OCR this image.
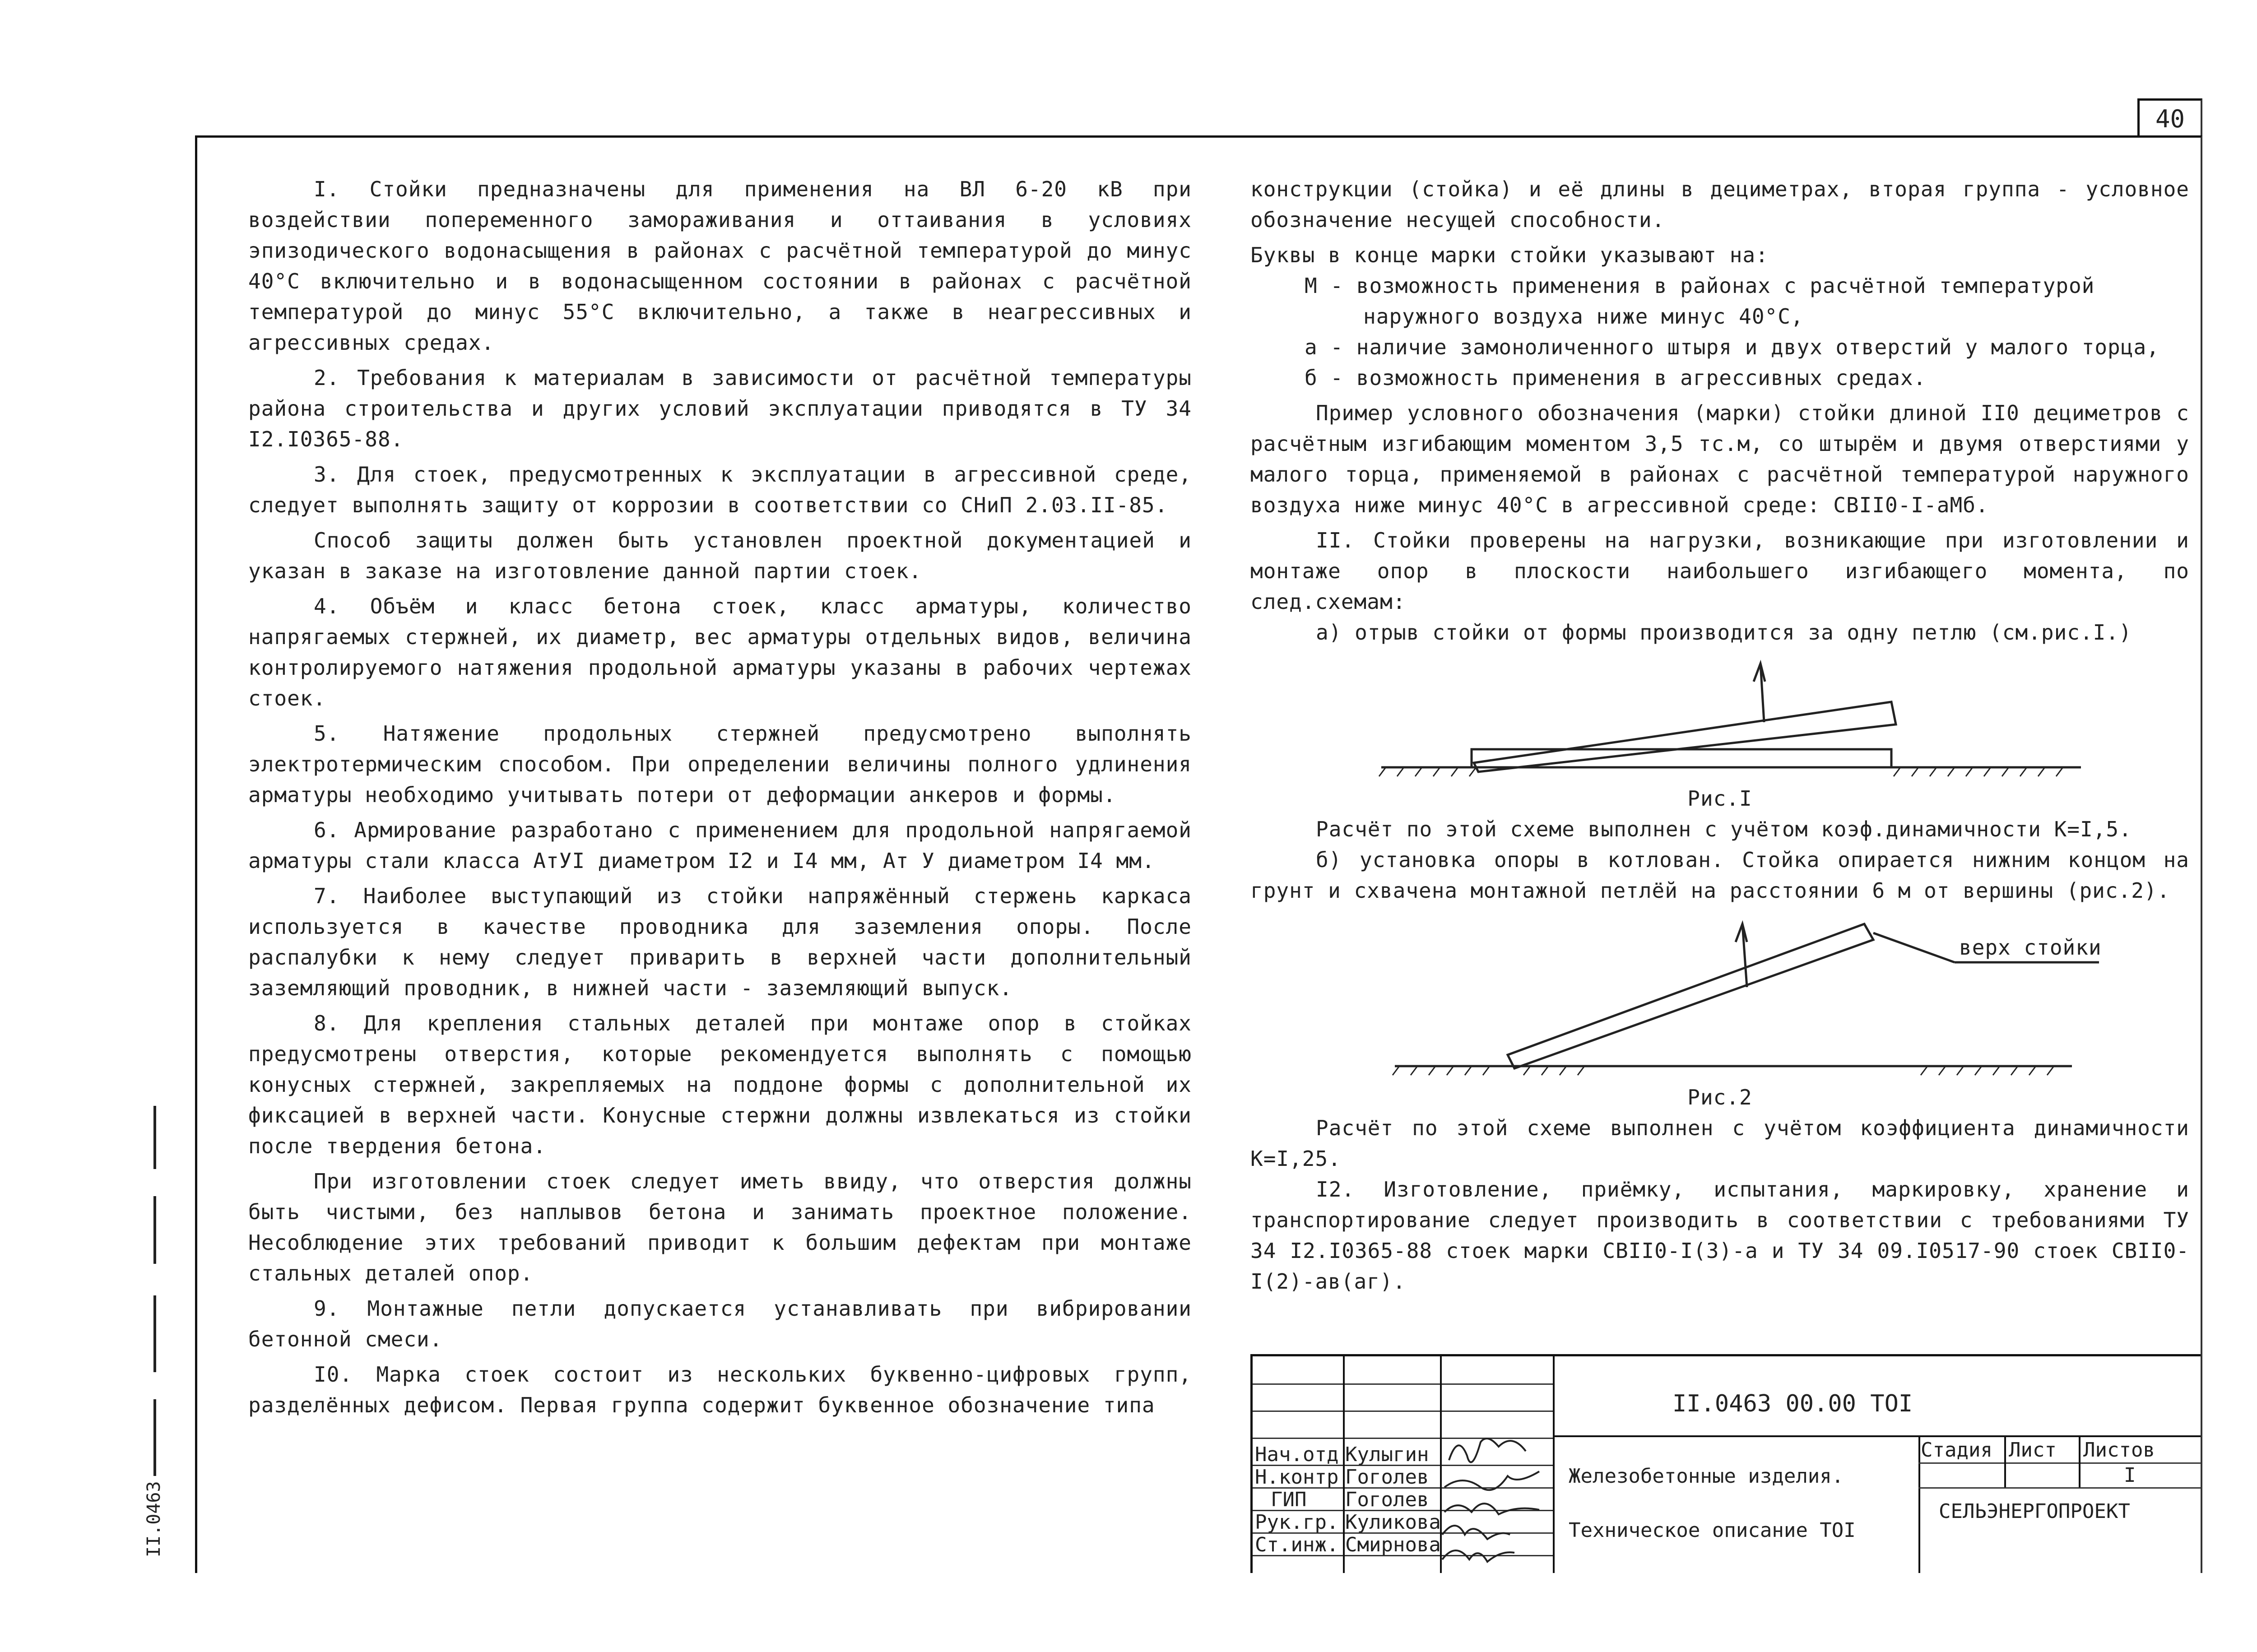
40

I. Стойки предназначены для применения на ВЛ 6-20 кВ при воздействии попеременного замораживания и оттаивания в условиях эпизодического водонасыщения в районах с расчётной температурой до минус 40°C включительно и в водонасыщенном состоянии в районах с расчётной температурой до минус 55°C включительно, а также в неагрессивных и агрессивных средах.

2. Требования к материалам в зависимости от расчётной температуры района строительства и других условий эксплуатации приводятся в ТУ 34 I2.I0365-88.

3. Для стоек, предусмотренных к эксплуатации в агрессивной среде, следует выполнять защиту от коррозии в соответствии со СНиП 2.03.II-85.

Способ защиты должен быть установлен проектной документацией и указан в заказе на изготовление данной партии стоек.

4. Объём и класс бетона стоек, класс арматуры, количество напрягаемых стержней, их диаметр, вес арматуры отдельных видов, величина контролируемого натяжения продольной арматуры указаны в рабочих чертежах стоек.

5. Натяжение продольных стержней предусмотрено выполнять электротермическим способом. При определении величины полного удлинения арматуры необходимо учитывать потери от деформации анкеров и формы.

6. Армирование разработано с применением для продольной напрягаемой арматуры стали класса АтУI диаметром I2 и I4 мм, Ат У диаметром I4 мм.

7. Наиболее выступающий из стойки напряжённый стержень каркаса используется в качестве проводника для заземления опоры. После распалубки к нему следует приварить в верхней части дополнительный заземляющий проводник, в нижней части - заземляющий выпуск.

8. Для крепления стальных деталей при монтаже опор в стойках предусмотрены отверстия, которые рекомендуется выполнять с помощью конусных стержней, закрепляемых на поддоне формы с дополнительной их фиксацией в верхней части. Конусные стержни должны извлекаться из стойки после твердения бетона.

При изготовлении стоек следует иметь ввиду, что отверстия должны быть чистыми, без наплывов бетона и занимать проектное положение. Несоблюдение этих требований приводит к большим дефектам при монтаже стальных деталей опор.

9. Монтажные петли допускается устанавливать при вибрировании бетонной смеси.

I0. Марка стоек состоит из нескольких буквенно-цифровых групп, разделённых дефисом. Первая группа содержит буквенное обозначение типа

конструкции (стойка) и её длины в дециметрах, вторая группа - условное обозначение несущей способности.

Буквы в конце марки стойки указывают на:

М - возможность применения в районах с расчётной температурой

наружного воздуха ниже минус 40°C,

а - наличие замоноличенного штыря и двух отверстий у малого торца,

б - возможность применения в агрессивных средах.

Пример условного обозначения (марки) стойки длиной II0 дециметров с расчётным изгибающим моментом 3,5 тс.м, со штырём и двумя отверстиями у малого торца, применяемой в районах с расчётной температурой наружного воздуха ниже минус 40°C в агрессивной среде: СВII0-I-аМб.

II. Стойки проверены на нагрузки, возникающие при изготовлении и монтаже опор в плоскости наибольшего изгибающего момента, по след.схемам:

а) отрыв стойки от формы производится за одну петлю (см.рис.I.)

Рис.I

Расчёт по этой схеме выполнен с учётом коэф.динамичности К=I,5.

б) установка опоры в котлован. Стойка опирается нижним концом на грунт и схвачена монтажной петлёй на расстоянии 6 м от вершины (рис.2).

верх стойки

Рис.2

Расчёт по этой схеме выполнен с учётом коэффициента динамичности К=I,25.

I2. Изготовление, приёмку, испытания, маркировку, хранение и транспортирование следует производить в соответствии с требованиями ТУ 34 I2.I0365-88 стоек марки СВII0-I(3)-а и ТУ 34 09.I0517-90 стоек СВII0-I(2)-ав(аг).

II.0463 00.00 ТОI
Нач.отд
Н.контр
ГИП
Рук.гр.
Ст.инж.
Кулыгин
Гоголев
Гоголев
Куликова
Смирнова
Железобетонные изделия.
Техническое описание ТОI
Стадия Лист Листов
I
СЕЛЬЭНЕРГОПРОЕКТ
II.0463
